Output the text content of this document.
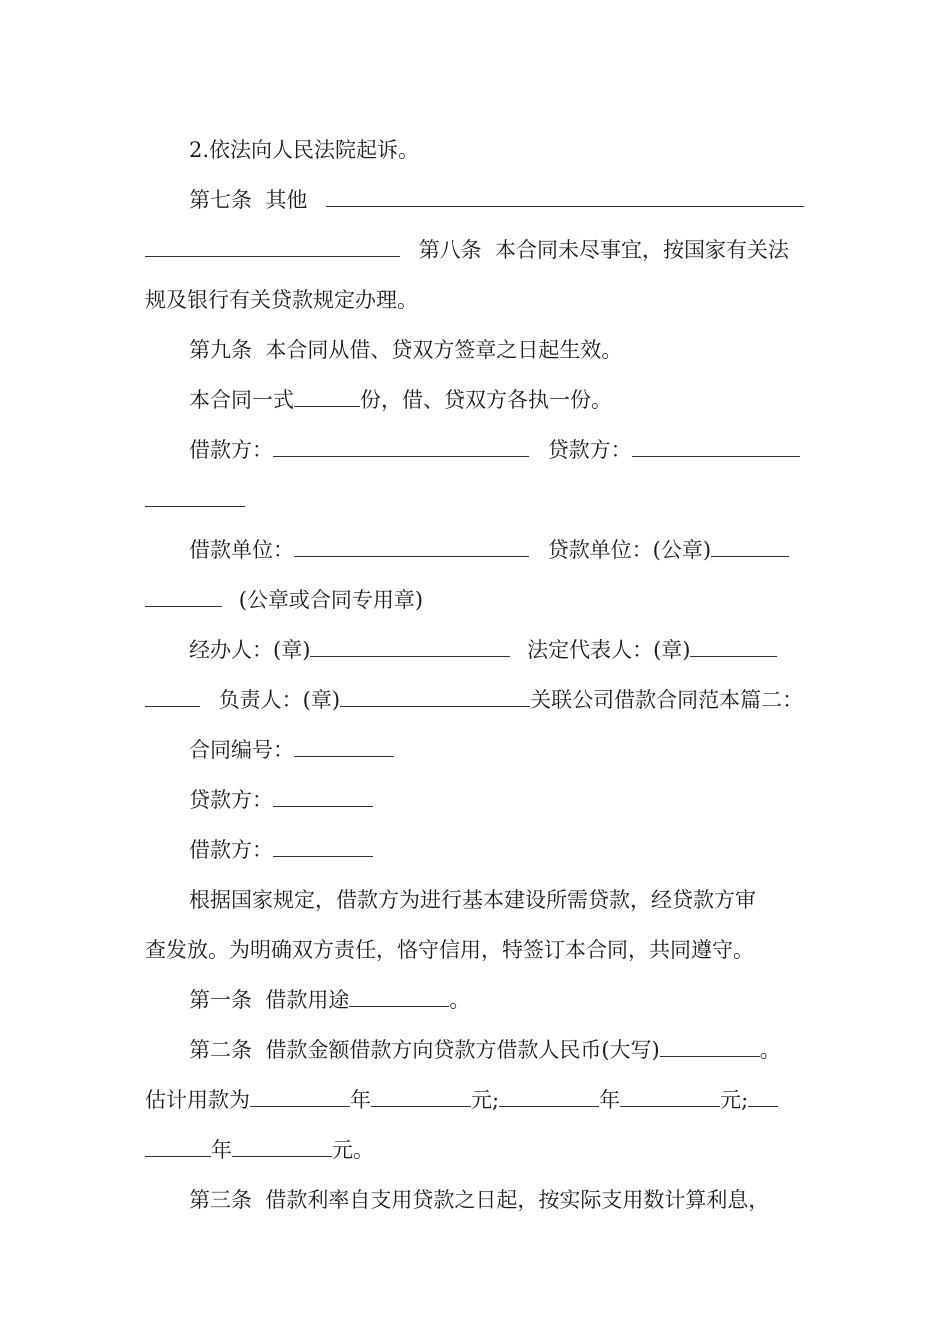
2.依法向人民法院起诉。
第七条  其他
第八条  本合同未尽事宜，按国家有关法
规及银行有关贷款规定办理。
第九条  本合同从借、贷双方签章之日起生效。
本合同一式	份，借、贷双方各执一份。
借款方：	贷款方：
借款单位：	贷款单位：(公章)
(公章或合同专用章)
经办人：(章)	法定代表人：(章)
负责人：(章)	关联公司借款合同范本篇二：
合同编号：
贷款方：
借款方：
根据国家规定，借款方为进行基本建设所需贷款，经贷款方审
查发放。为明确双方责任，恪守信用，特签订本合同，共同遵守。
第一条  借款用途	。
第二条  借款金额借款方向贷款方借款人民币(大写)	。
估计用款为	年	元;	年	元;
年	元。
第三条  借款利率自支用贷款之日起，按实际支用数计算利息，
